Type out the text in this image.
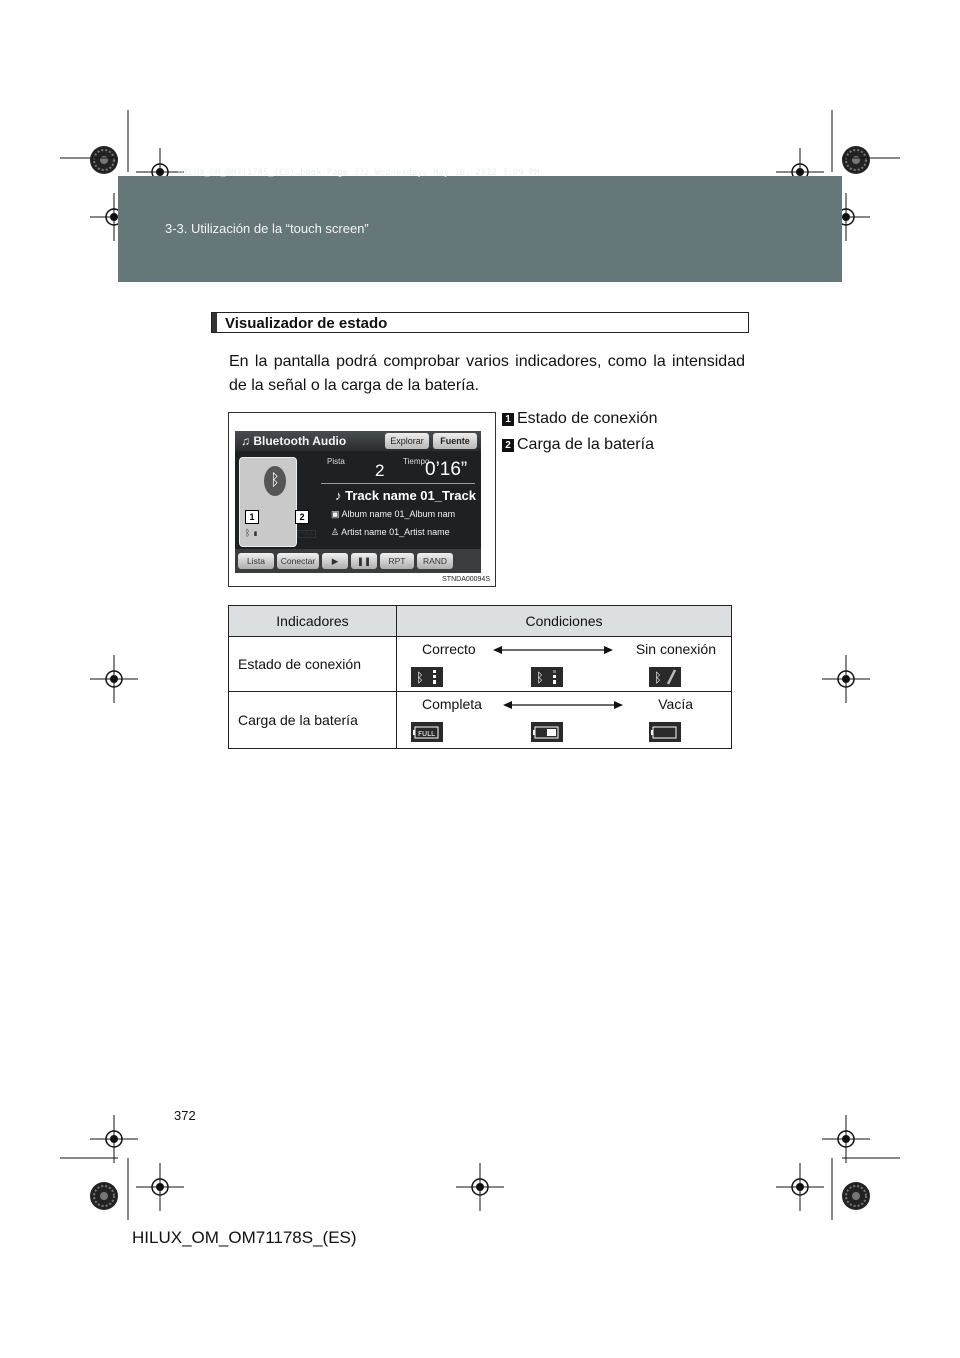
HILUX_OM_OM71178S_(ES).book Page 372 Wednesday, May 16, 2012 3:09 PM
3-3. Utilización de la “touch screen”
Visualizador de estado
En la pantalla podrá comprobar varios indicadores, como la intensidad de la señal o la carga de la batería.
♫ Bluetooth Audio	Explorar	Fuente
ᛒ
1	2
ᛒ ▮	FULL
Pista	Tiempo
2 0’16”
♪ Track name 01_Track
▣ Album name 01_Album nam
♙ Artist name 01_Artist name
Lista	Conectar	▶	❚❚	RPT	RAND
STNDA00094S
1 Estado de conexión
2 Carga de la batería
Indicadores	Condiciones
Estado de conexión	Correcto Sin conexión
ᛒ ᛒ ᛒ

Carga de la batería	Completa Vacía
FULL
372
HILUX_OM_OM71178S_(ES)
